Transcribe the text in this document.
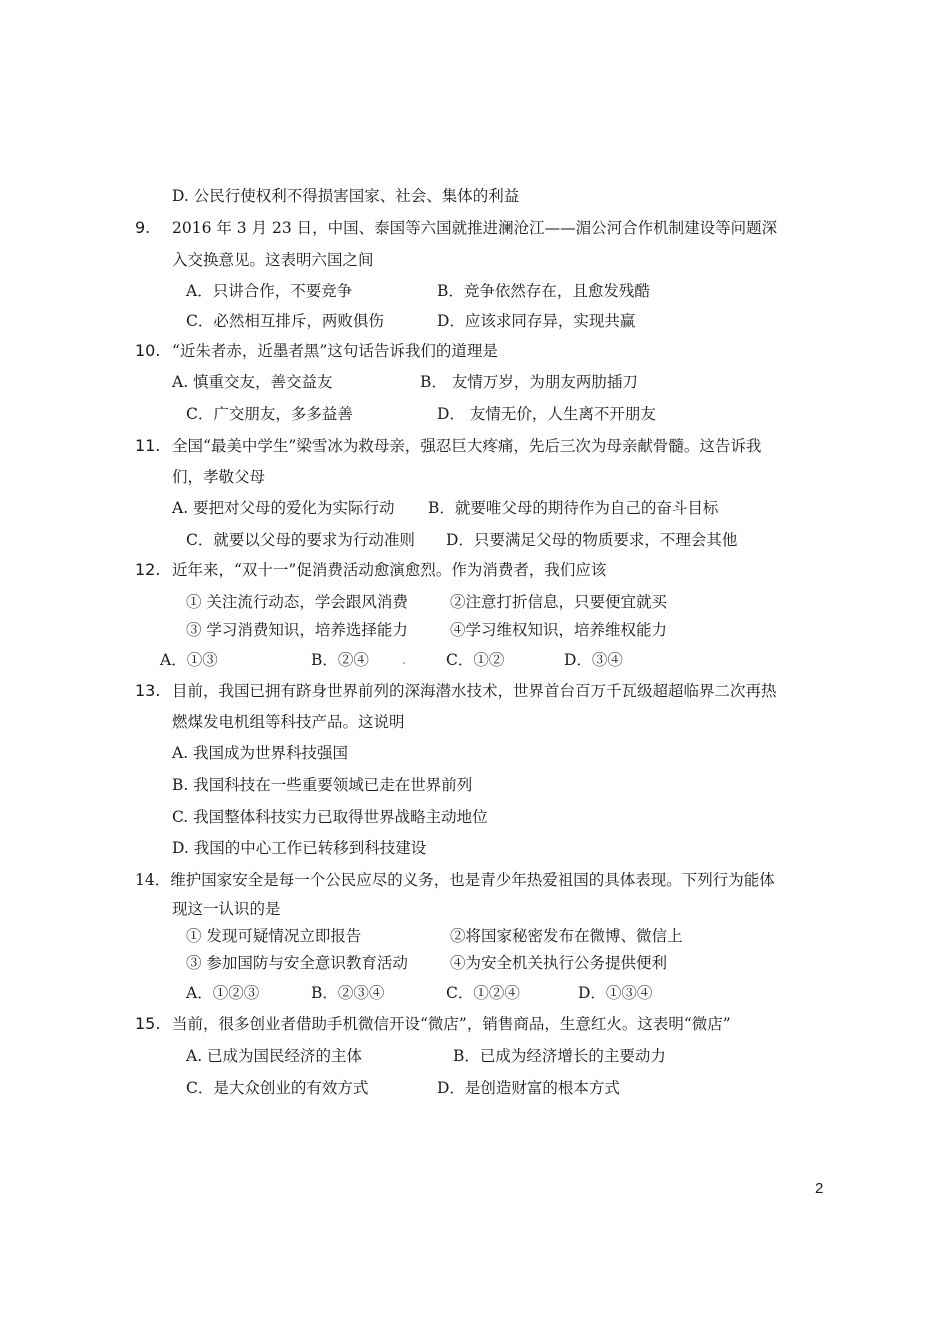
D. 公民行使权利不得损害国家、社会、集体的利益
9. 2016 年 3 月 23 日，中国、泰国等六国就推进澜沧江——湄公河合作机制建设等问题深
入交换意见。这表明六国之间
A．只讲合作，不要竞争	B．竞争依然存在，且愈发残酷
C．必然相互排斥，两败俱伤	D．应该求同存异，实现共赢
10. “近朱者赤，近墨者黑”这句话告诉我们的道理是
A. 慎重交友，善交益友	B． 友情万岁，为朋友两肋插刀
C．广交朋友，多多益善	D． 友情无价，人生离不开朋友
11. 全国“最美中学生”梁雪冰为救母亲，强忍巨大疼痛，先后三次为母亲献骨髓。这告诉我
们，孝敬父母
A. 要把对父母的爱化为实际行动 B．就要唯父母的期待作为自己的奋斗目标
C．就要以父母的要求为行动准则 D．只要满足父母的物质要求，不理会其他
12. 近年来，“双十一”促消费活动愈演愈烈。作为消费者，我们应该
① 关注流行动态，学会跟风消费	②注意打折信息，只要便宜就买
③ 学习消费知识，培养选择能力	④学习维权知识，培养维权能力
A．①③	B．②④	C．①②	D．③④
13. 目前，我国已拥有跻身世界前列的深海潜水技术，世界首台百万千瓦级超超临界二次再热
燃煤发电机组等科技产品。这说明
A. 我国成为世界科技强国
B. 我国科技在一些重要领域已走在世界前列
C. 我国整体科技实力已取得世界战略主动地位
D. 我国的中心工作已转移到科技建设
14．维护国家安全是每一个公民应尽的义务，也是青少年热爱祖国的具体表现。下列行为能体
现这一认识的是
① 发现可疑情况立即报告	②将国家秘密发布在微博、微信上
③ 参加国防与安全意识教育活动	④为安全机关执行公务提供便利
A．①②③	B．②③④	C．①②④	D．①③④
15. 当前，很多创业者借助手机微信开设“微店”，销售商品，生意红火。这表明“微店”
A. 已成为国民经济的主体	B．已成为经济增长的主要动力
C．是大众创业的有效方式	D．是创造财富的根本方式
2
